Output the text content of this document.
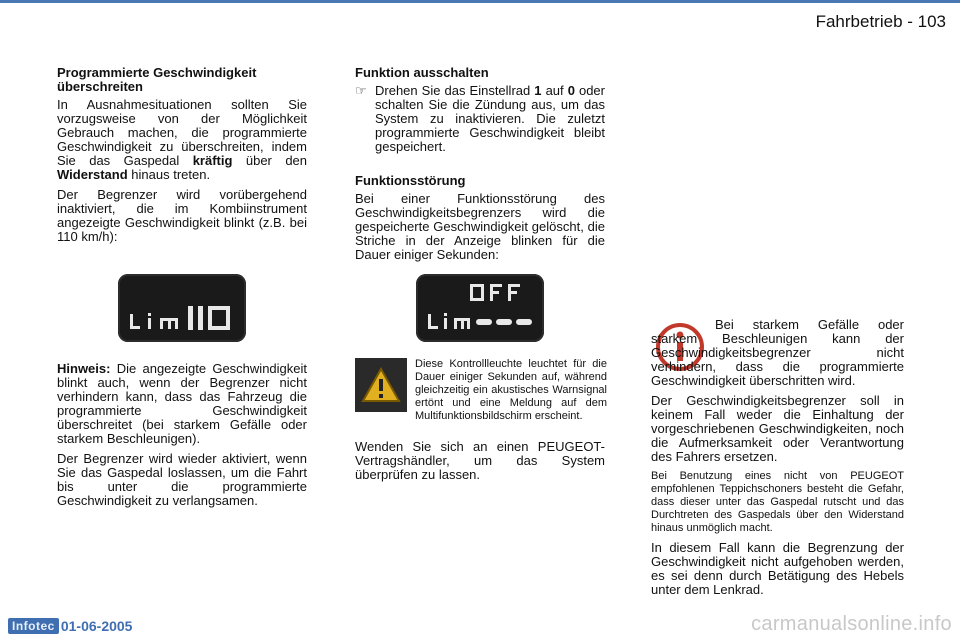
Fahrbetrieb - 103
Programmierte Geschwindigkeit überschreiten

In Ausnahmesituationen sollten Sie vorzugsweise von der Möglichkeit Gebrauch machen, die programmierte Geschwindigkeit zu überschreiten, indem Sie das Gaspedal kräftig über den Widerstand hinaus treten.

Der Begrenzer wird vorübergehend inaktiviert, die im Kombiinstrument angezeigte Geschwindigkeit blinkt (z.B. bei 110 km/h):

Hinweis: Die angezeigte Geschwindigkeit blinkt auch, wenn der Begrenzer nicht verhindern kann, dass das Fahrzeug die programmierte Geschwindigkeit überschreitet (bei starkem Gefälle oder starkem Beschleunigen).

Der Begrenzer wird wieder aktiviert, wenn Sie das Gaspedal loslassen, um die Fahrt bis unter die programmierte Geschwindigkeit zu verlangsamen.

Funktion ausschalten
☞ Drehen Sie das Einstellrad 1 auf 0 oder schalten Sie die Zündung aus, um das System zu inaktivieren. Die zuletzt programmierte Geschwindigkeit bleibt gespeichert.

Funktionsstörung

Bei einer Funktionsstörung des Geschwindigkeitsbegrenzers wird die gespeicherte Geschwindigkeit gelöscht, die Striche in der Anzeige blinken für die Dauer einiger Sekunden:

Diese Kontrollleuchte leuchtet für die Dauer einiger Sekunden auf, während gleichzeitig ein akustisches Warnsignal ertönt und eine Meldung auf dem Multifunktionsbildschirm erscheint.

Wenden Sie sich an einen PEUGEOT-Vertragshändler, um das System überprüfen zu lassen.

Bei starkem Gefälle oder starkem Beschleunigen kann der Geschwindigkeitsbegrenzer nicht verhindern, dass die programmierte Geschwindigkeit überschritten wird.

Der Geschwindigkeitsbegrenzer soll in keinem Fall weder die Einhaltung der vorgeschriebenen Geschwindigkeiten, noch die Aufmerksamkeit oder Verantwortung des Fahrers ersetzen.

Bei Benutzung eines nicht von PEUGEOT empfohlenen Teppichschoners besteht die Gefahr, dass dieser unter das Gaspedal rutscht und das Durchtreten des Gaspedals über den Widerstand hinaus unmöglich macht.

In diesem Fall kann die Begrenzung der Geschwindigkeit nicht aufgehoben werden, es sei denn durch Betätigung des Hebels unter dem Lenkrad.

Infotec 01-06-2005	carmanualsonline.info
